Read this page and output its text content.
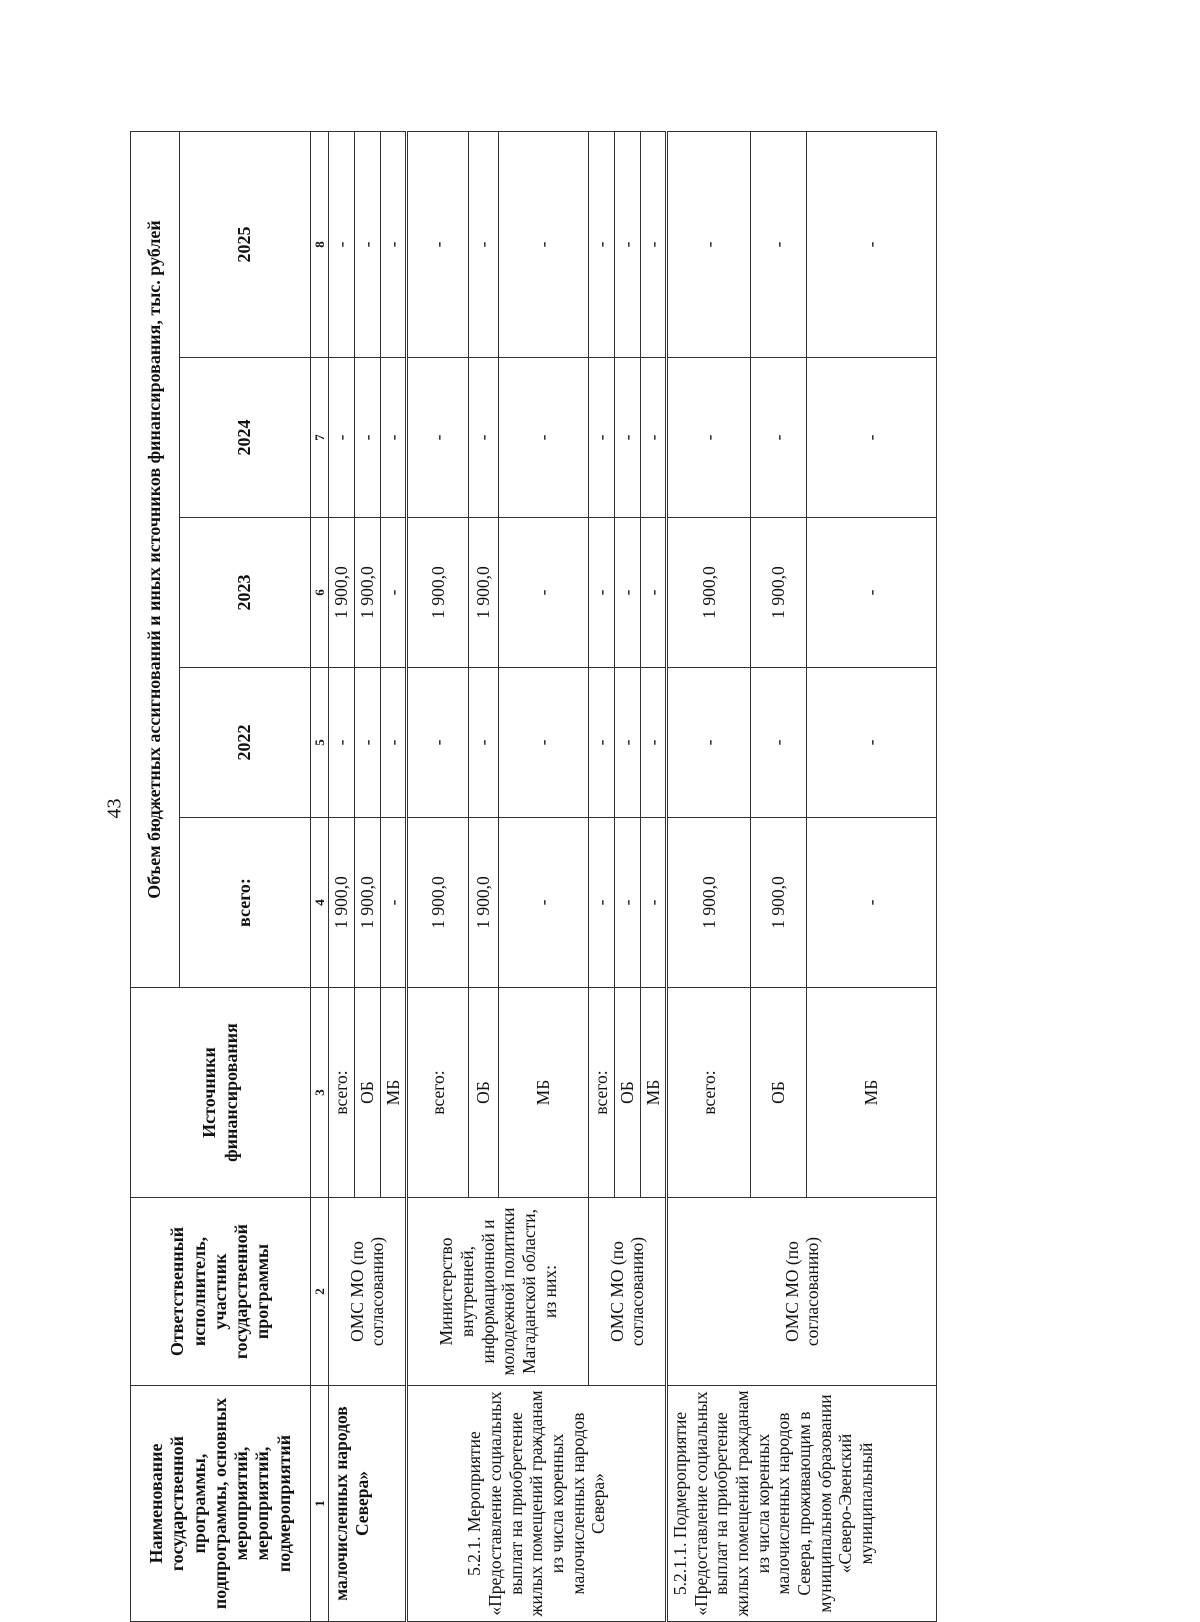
43
Наименование государственной программы, подпрограммы, основных мероприятий, мероприятий, подмероприятий	Ответственный исполнитель, участник государственной программы	Источники финансирования	Объем бюджетных ассигнований и иных источников финансирования, тыс. рублей				
			всего:	2022	2023	2024	2025
1	2	3	4	5	6	7	8
малочисленных народов Севера»	ОМС МО (по согласованию)	всего:	1 900,0	-	1 900,0	-	-
		ОБ	1 900,0	-	1 900,0	-	-
		МБ	-	-	-	-	-
5.2.1. Мероприятие «Предоставление социальных выплат на приобретение жилых помещений гражданам из числа коренных малочисленных народов Севера»	Министерство внутренней, информационной и молодежной политики Магаданской области, из них:	всего:	1 900,0	-	1 900,0	-	-
		ОБ	1 900,0	-	1 900,0	-	-
		МБ	-	-	-	-	-
	ОМС МО (по согласованию)	всего:	-	-	-	-	-
		ОБ	-	-	-	-	-
		МБ	-	-	-	-	-
5.2.1.1. Подмероприятие «Предоставление социальных выплат на приобретение жилых помещений гражданам из числа коренных малочисленных народов Севера, проживающим в муниципальном образовании «Северо-Эвенский муниципальный	ОМС МО (по согласованию)	всего:	1 900,0	-	1 900,0	-	-
		ОБ	1 900,0	-	1 900,0	-	-
		МБ	-	-	-	-	-
